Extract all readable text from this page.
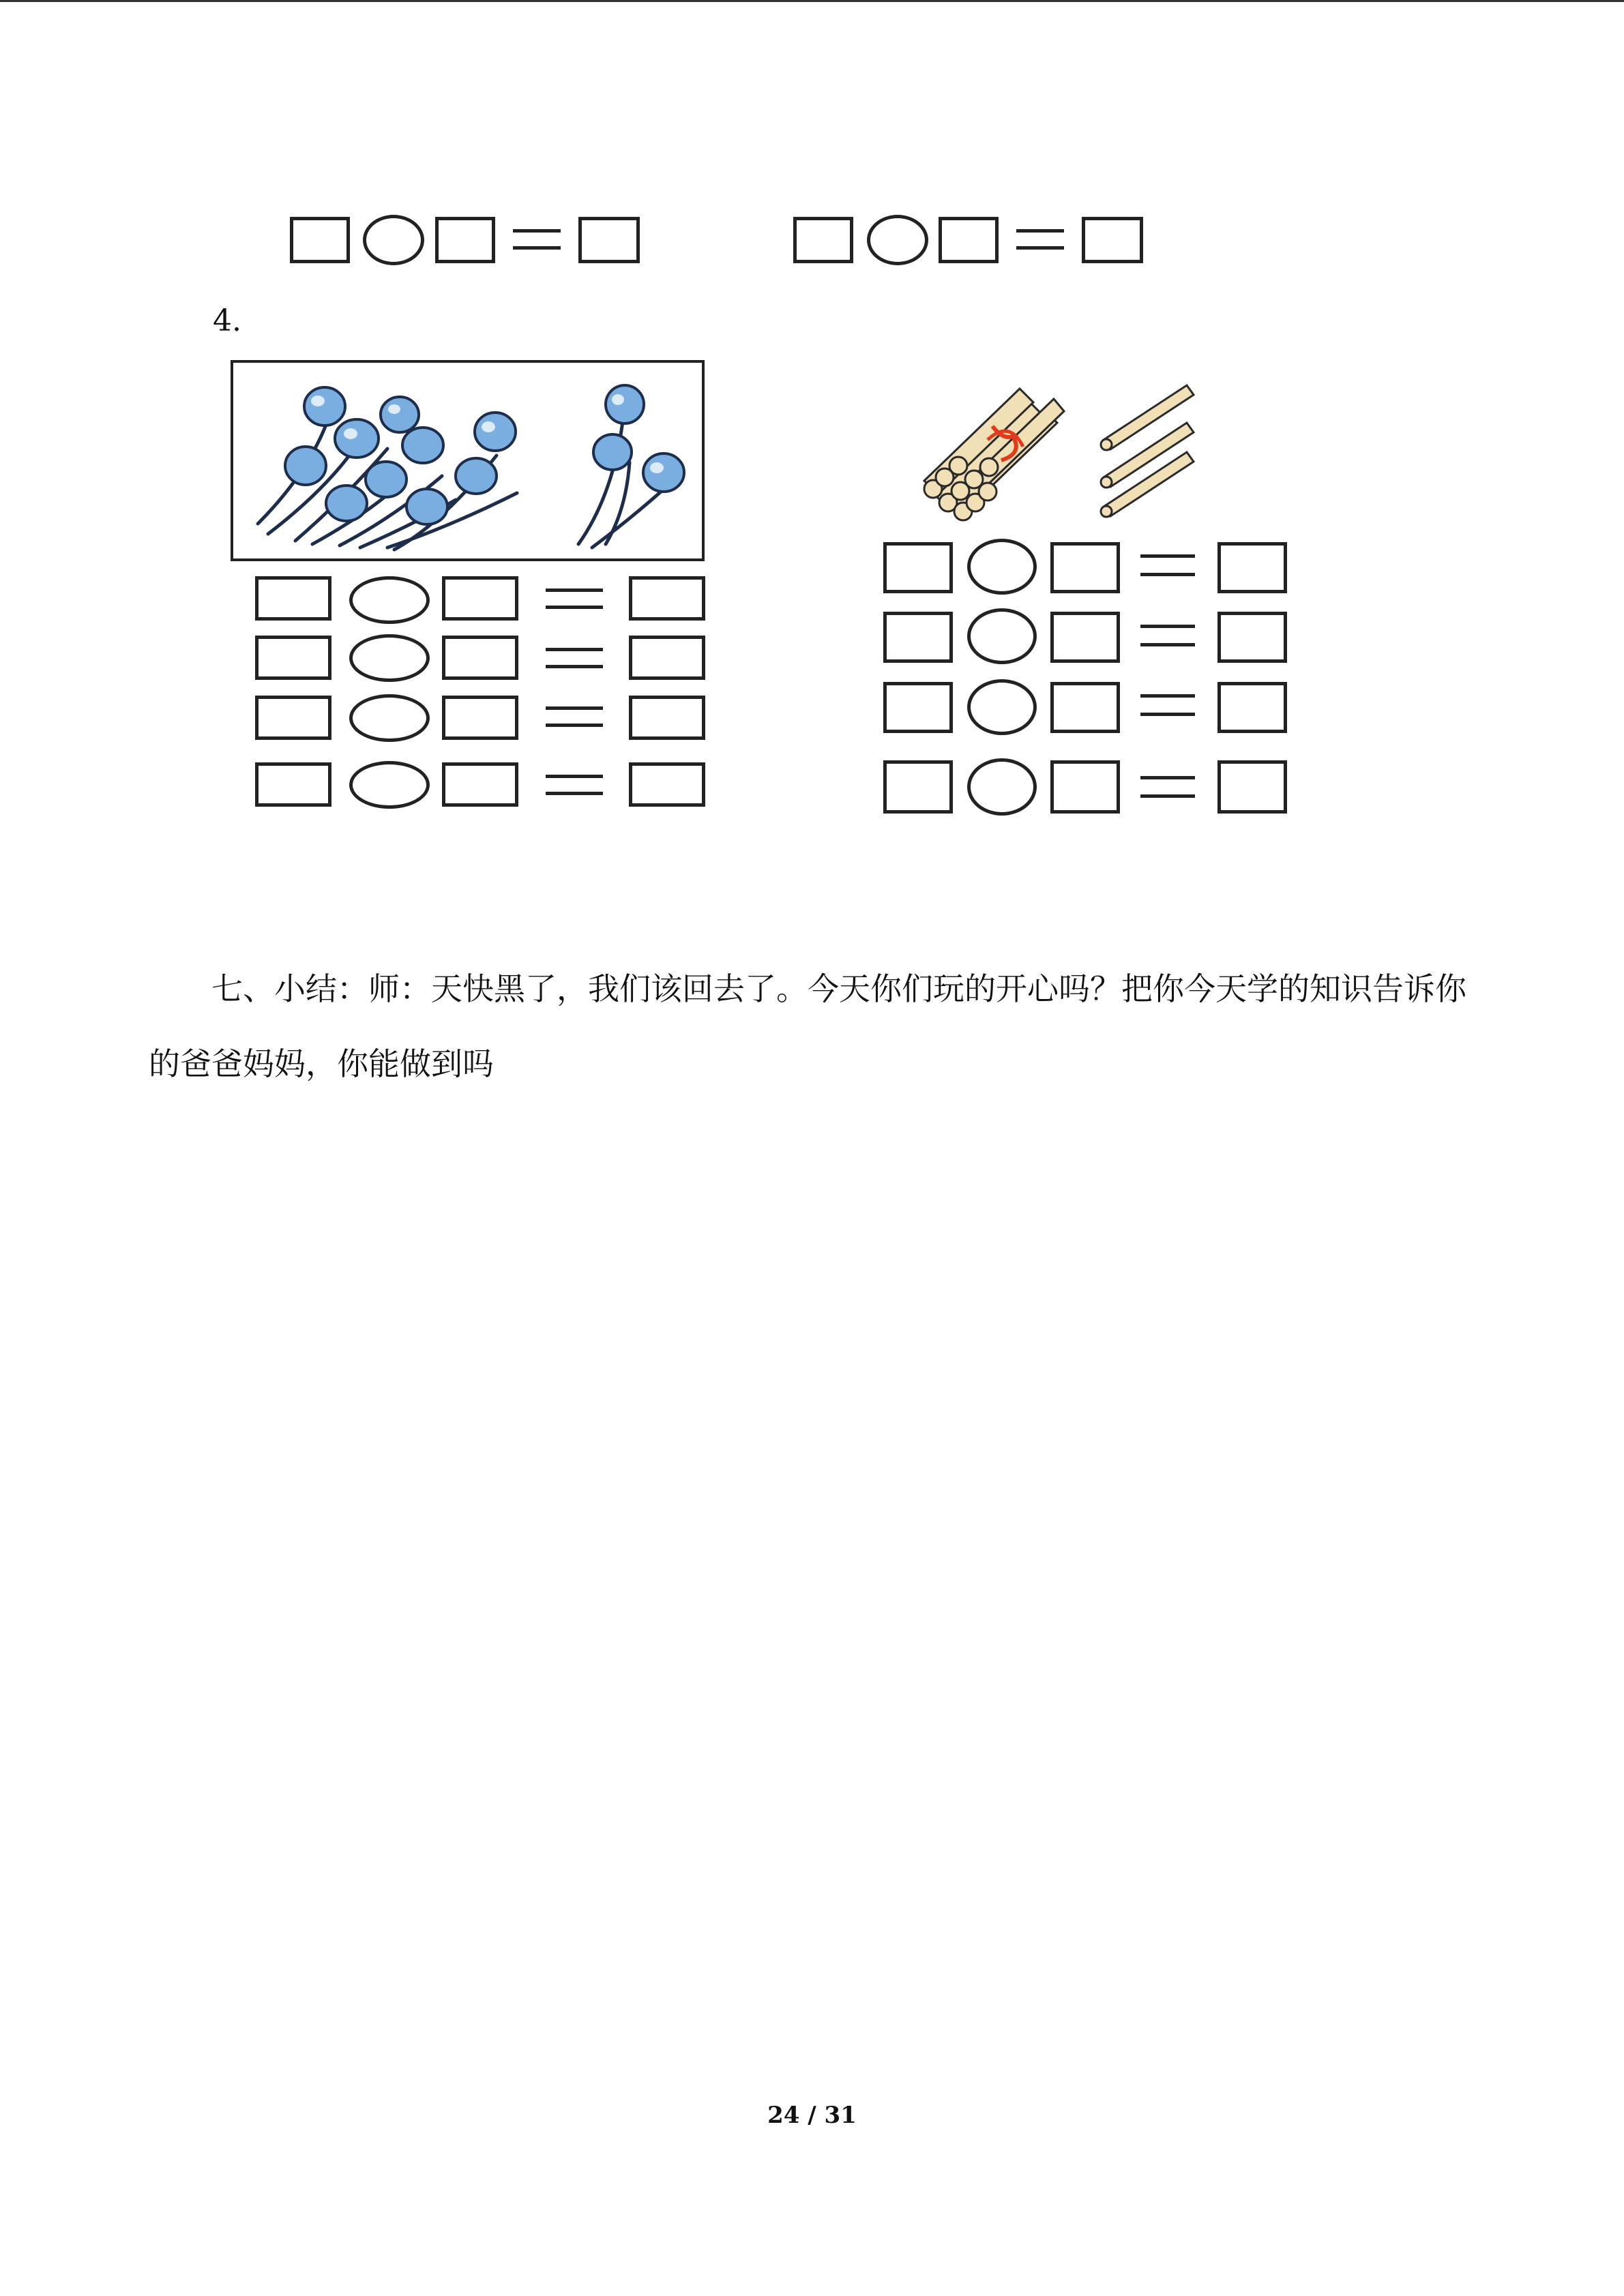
4.

七、小结：师：天快黑了，我们该回去了。今天你们玩的开心吗？把你今天学的知识告诉你的爸爸妈妈，你能做到吗

24 / 31
